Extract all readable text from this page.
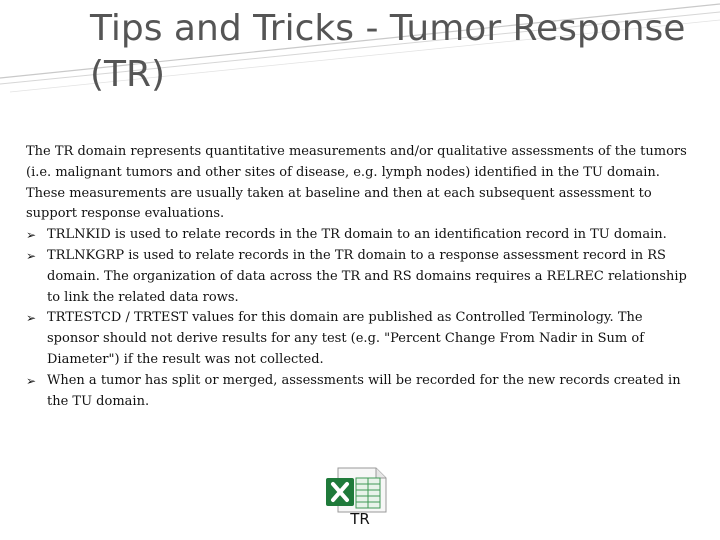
Tips and Tricks - Tumor Response (TR)

The TR domain represents quantitative measurements and/or qualitative assessments of the tumors (i.e. malignant tumors and other sites of disease, e.g. lymph nodes) identified in the TU domain. These measurements are usually taken at baseline and then at each subsequent assessment to support response evaluations.

➢ TRLNKID is used to relate records in the TR domain to an identification record in TU domain.
➢ TRLNKGRP is used to relate records in the TR domain to a response assessment record in RS domain. The organization of data across the TR and RS domains requires a RELREC relationship to link the related data rows.
➢ TRTESTCD / TRTEST values for this domain are published as Controlled Terminology. The sponsor should not derive results for any test (e.g. "Percent Change From Nadir in Sum of Diameter") if the result was not collected.
➢ When a tumor has split or merged, assessments will be recorded for the new records created in the TU domain.
TR
